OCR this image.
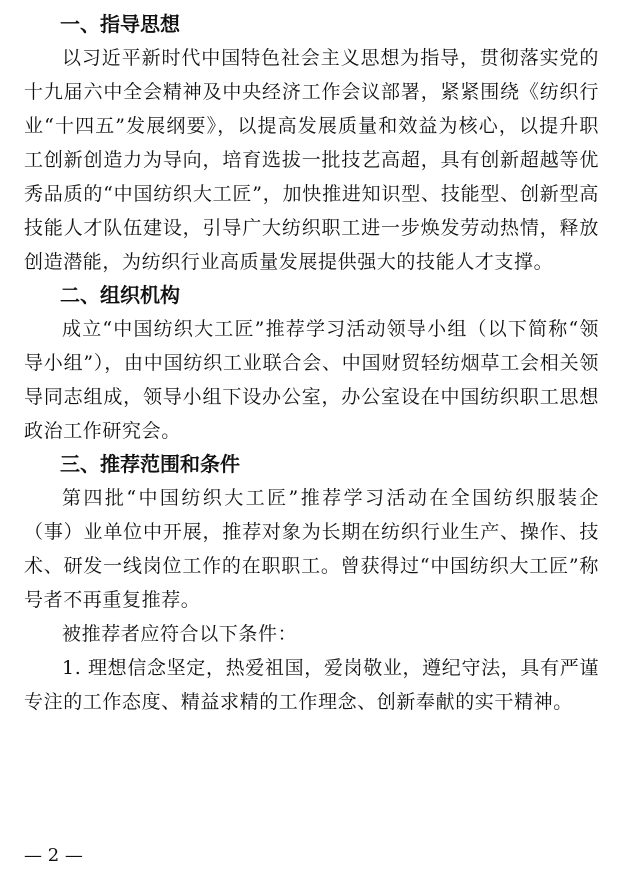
一、指导思想

以习近平新时代中国特色社会主义思想为指导，贯彻落实党的十九届六中全会精神及中央经济工作会议部署，紧紧围绕《纺织行业“十四五”发展纲要》，以提高发展质量和效益为核心，以提升职工创新创造力为导向，培育选拔一批技艺高超，具有创新超越等优秀品质的“中国纺织大工匠”，加快推进知识型、技能型、创新型高技能人才队伍建设，引导广大纺织职工进一步焕发劳动热情，释放创造潜能，为纺织行业高质量发展提供强大的技能人才支撑。

二、组织机构

成立“中国纺织大工匠”推荐学习活动领导小组（以下简称“领导小组”），由中国纺织工业联合会、中国财贸轻纺烟草工会相关领导同志组成，领导小组下设办公室，办公室设在中国纺织职工思想政治工作研究会。

三、推荐范围和条件

第四批“中国纺织大工匠”推荐学习活动在全国纺织服装企（事）业单位中开展，推荐对象为长期在纺织行业生产、操作、技术、研发一线岗位工作的在职职工。曾获得过“中国纺织大工匠”称号者不再重复推荐。

被推荐者应符合以下条件：

1. 理想信念坚定，热爱祖国，爱岗敬业，遵纪守法，具有严谨专注的工作态度、精益求精的工作理念、创新奉献的实干精神。

— 2 —
